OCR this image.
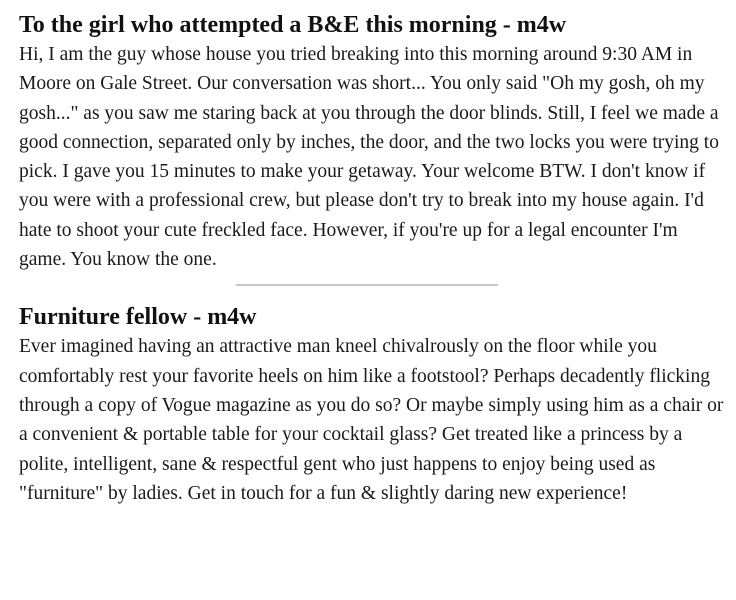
To the girl who attempted a B&E this morning - m4w

Hi, I am the guy whose house you tried breaking into this morning around 9:30 AM in Moore on Gale Street. Our conversation was short... You only said "Oh my gosh, oh my gosh..." as you saw me staring back at you through the door blinds. Still, I feel we made a good connection, separated only by inches, the door, and the two locks you were trying to pick. I gave you 15 minutes to make your getaway. Your welcome BTW. I don't know if you were with a professional crew, but please don't try to break into my house again. I'd hate to shoot your cute freckled face. However, if you're up for a legal encounter I'm game. You know the one.

Furniture fellow - m4w

Ever imagined having an attractive man kneel chivalrously on the floor while you comfortably rest your favorite heels on him like a footstool? Perhaps decadently flicking through a copy of Vogue magazine as you do so? Or maybe simply using him as a chair or a convenient & portable table for your cocktail glass? Get treated like a princess by a polite, intelligent, sane & respectful gent who just happens to enjoy being used as "furniture" by ladies. Get in touch for a fun & slightly daring new experience!
